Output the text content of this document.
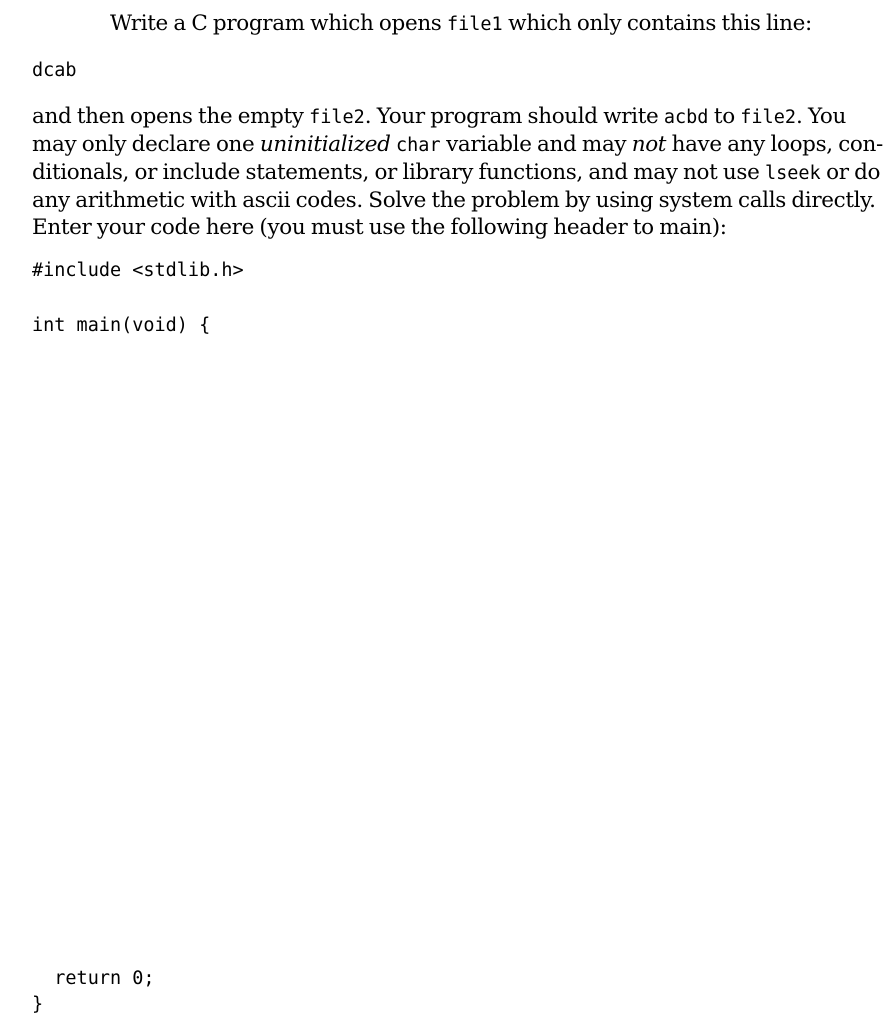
Write a C program which opens file1 which only contains this line:
dcab
and then opens the empty file2. Your program should write acbd to file2. You
may only declare one uninitialized char variable and may not have any loops, con-
ditionals, or include statements, or library functions, and may not use lseek or do
any arithmetic with ascii codes. Solve the problem by using system calls directly.
Enter your code here (you must use the following header to main):
#include <stdlib.h>
int main(void) {
return 0;
}
